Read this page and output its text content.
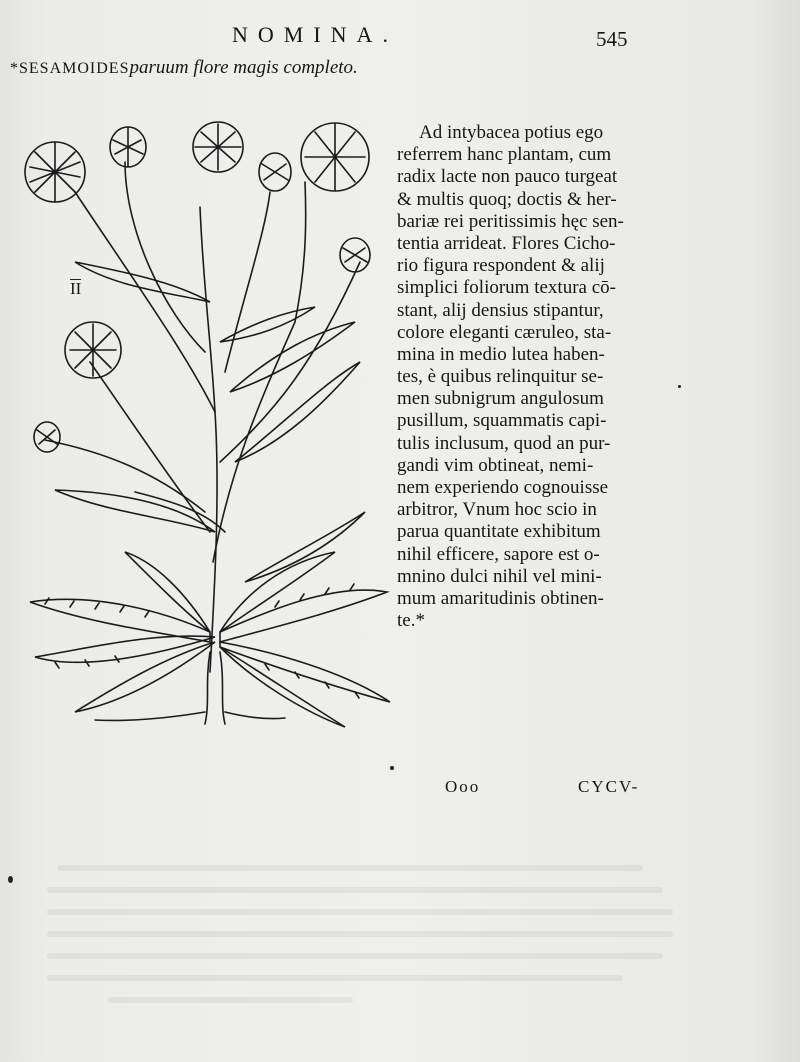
NOMINA.	545
*SESAMOIDESparuum flore magis completo.
II
Ad intybacea potius ego
referrem hanc plantam, cum
radix lacte non pauco turgeat
& multis quoq; doctis & her-
bariæ rei peritissimis hęc sen-
tentia arrideat. Flores Cicho-
rio figura respondent & alij
simplici foliorum textura cō-
stant, alij densius stipantur,
colore eleganti cæruleo, sta-
mina in medio lutea haben-
tes, è quibus relinquitur se-
men subnigrum angulosum
pusillum, squammatis capi-
tulis inclusum, quod an pur-
gandi vim obtineat, nemi-
nem experiendo cognouisse
arbitror, Vnum hoc scio in
parua quantitate exhibitum
nihil efficere, sapore est o-
mnino dulci nihil vel mini-
mum amaritudinis obtinen-
te.*
Ooo	CYCV-
